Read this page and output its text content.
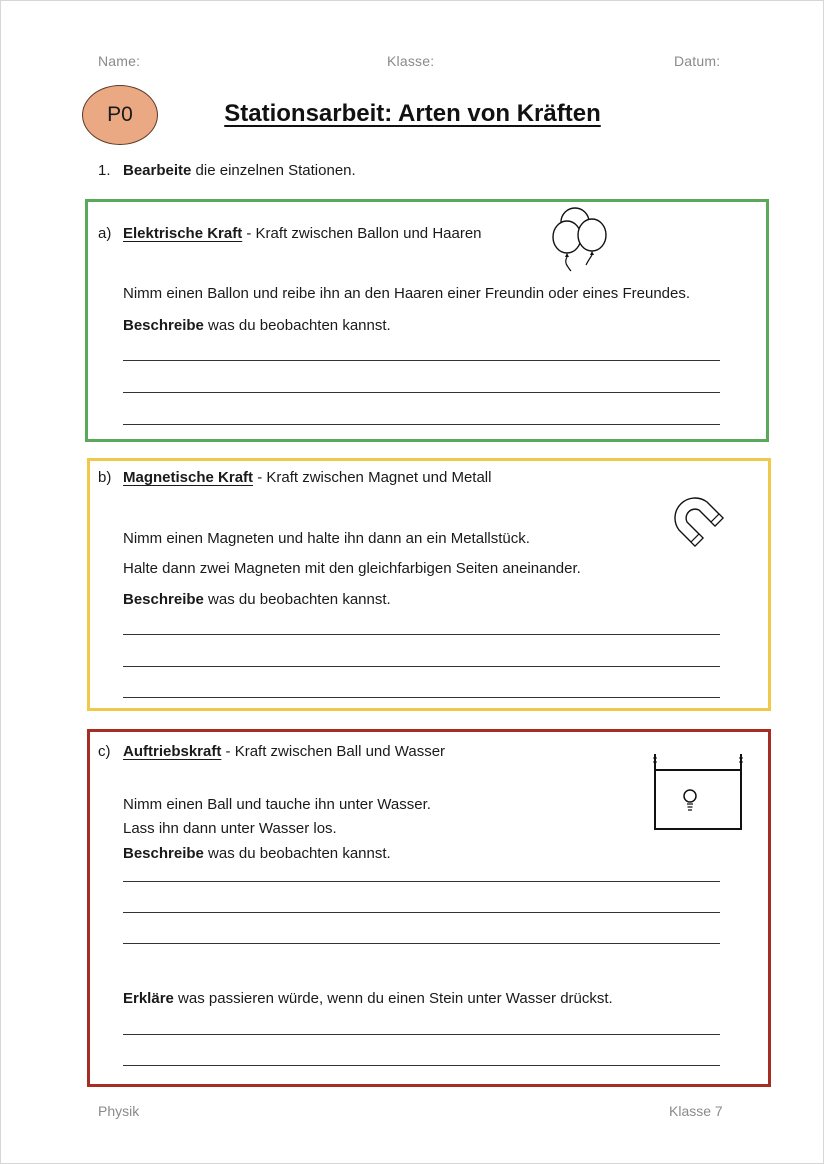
Name:	Klasse:	Datum:
P0	Stationsarbeit: Arten von Kräften
1. Bearbeite die einzelnen Stationen.
a) Elektrische Kraft - Kraft zwischen Ballon und Haaren
Nimm einen Ballon und reibe ihn an den Haaren einer Freundin oder eines Freundes.
Beschreibe was du beobachten kannst.
b) Magnetische Kraft - Kraft zwischen Magnet und Metall
Nimm einen Magneten und halte ihn dann an ein Metallstück.
Halte dann zwei Magneten mit den gleichfarbigen Seiten aneinander.
Beschreibe was du beobachten kannst.
c) Auftriebskraft - Kraft zwischen Ball und Wasser
Nimm einen Ball und tauche ihn unter Wasser.
Lass ihn dann unter Wasser los.
Beschreibe was du beobachten kannst.
Erkläre was passieren würde, wenn du einen Stein unter Wasser drückst.
Physik	Klasse 7
